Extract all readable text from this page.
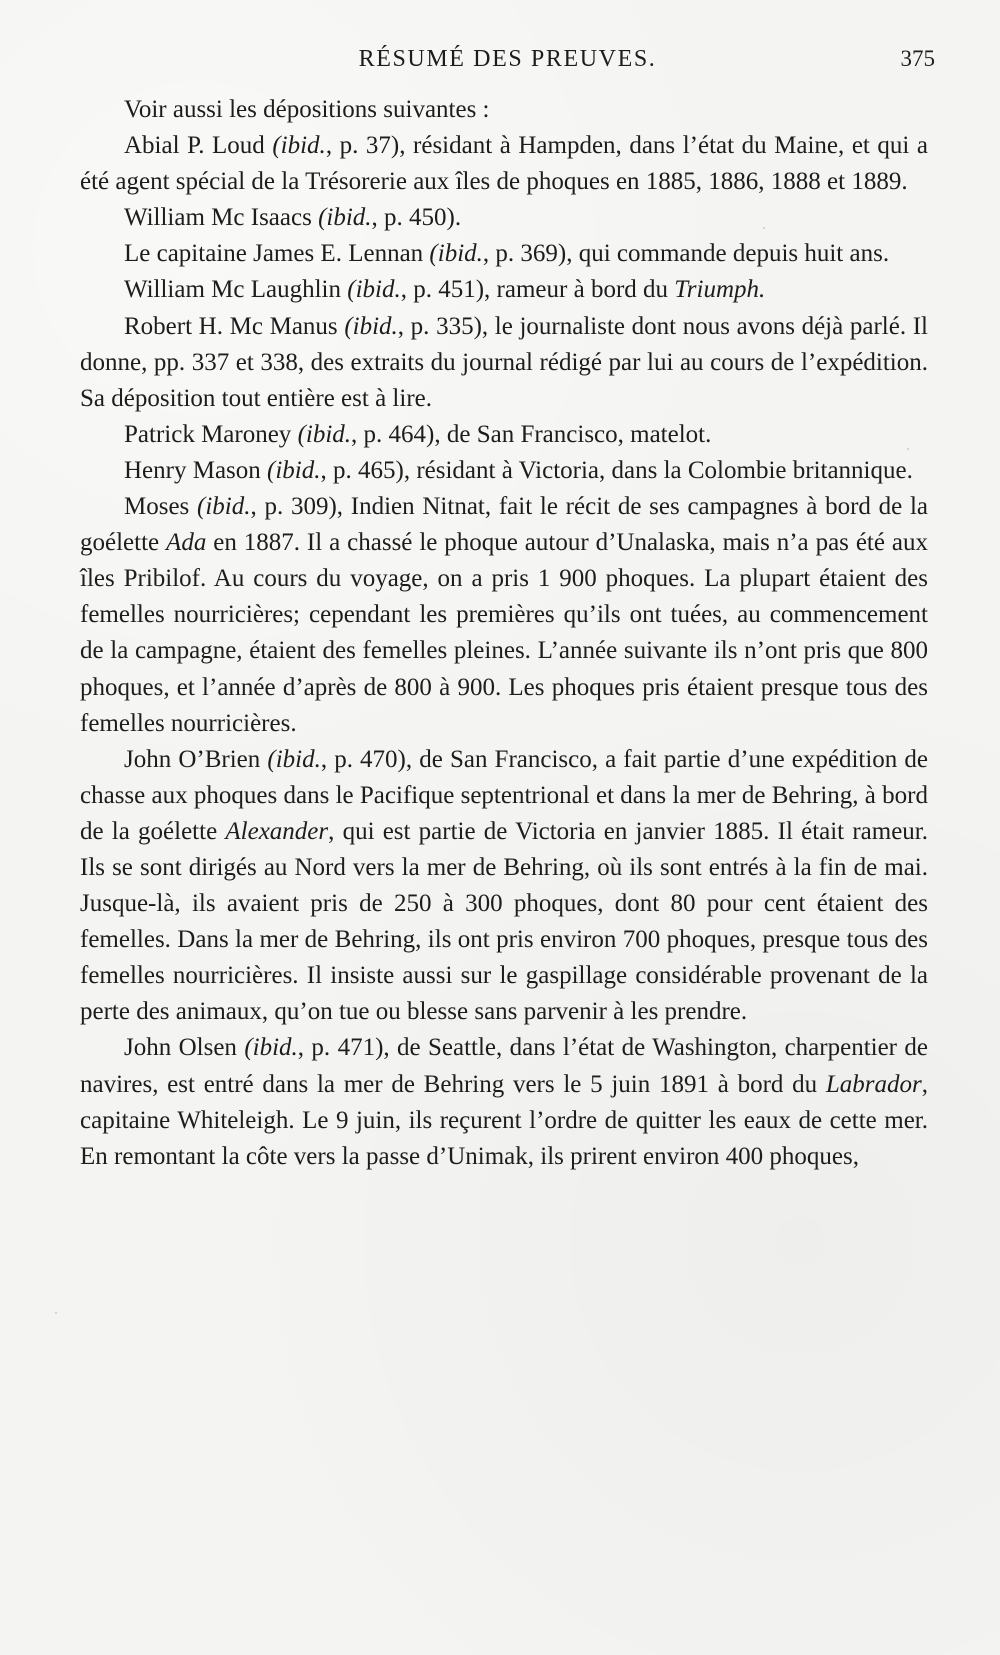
RÉSUMÉ DES PREUVES.	375

Voir aussi les dépositions suivantes :

Abial P. Loud (ibid., p. 37), résidant à Hampden, dans l’état du Maine, et qui a été agent spécial de la Trésorerie aux îles de phoques en 1885, 1886, 1888 et 1889.

William Mc Isaacs (ibid., p. 450).

Le capitaine James E. Lennan (ibid., p. 369), qui commande depuis huit ans.

William Mc Laughlin (ibid., p. 451), rameur à bord du Triumph.

Robert H. Mc Manus (ibid., p. 335), le journaliste dont nous avons déjà parlé. Il donne, pp. 337 et 338, des extraits du journal rédigé par lui au cours de l’expédition. Sa déposition tout entière est à lire.

Patrick Maroney (ibid., p. 464), de San Francisco, matelot.

Henry Mason (ibid., p. 465), résidant à Victoria, dans la Colombie britannique.

Moses (ibid., p. 309), Indien Nitnat, fait le récit de ses campagnes à bord de la goélette Ada en 1887. Il a chassé le phoque autour d’Unalaska, mais n’a pas été aux îles Pribilof. Au cours du voyage, on a pris 1 900 phoques. La plupart étaient des femelles nourricières; cependant les premières qu’ils ont tuées, au commencement de la campagne, étaient des femelles pleines. L’année suivante ils n’ont pris que 800 phoques, et l’année d’après de 800 à 900. Les phoques pris étaient presque tous des femelles nourricières.

John O’Brien (ibid., p. 470), de San Francisco, a fait partie d’une expédition de chasse aux phoques dans le Pacifique septentrional et dans la mer de Behring, à bord de la goélette Alexander, qui est partie de Victoria en janvier 1885. Il était rameur. Ils se sont dirigés au Nord vers la mer de Behring, où ils sont entrés à la fin de mai. Jusque-là, ils avaient pris de 250 à 300 phoques, dont 80 pour cent étaient des femelles. Dans la mer de Behring, ils ont pris environ 700 phoques, presque tous des femelles nourricières. Il insiste aussi sur le gaspillage considérable provenant de la perte des animaux, qu’on tue ou blesse sans parvenir à les prendre.

John Olsen (ibid., p. 471), de Seattle, dans l’état de Washington, charpentier de navires, est entré dans la mer de Behring vers le 5 juin 1891 à bord du Labrador, capitaine Whiteleigh. Le 9 juin, ils reçurent l’ordre de quitter les eaux de cette mer. En remontant la côte vers la passe d’Unimak, ils prirent environ 400 phoques,
